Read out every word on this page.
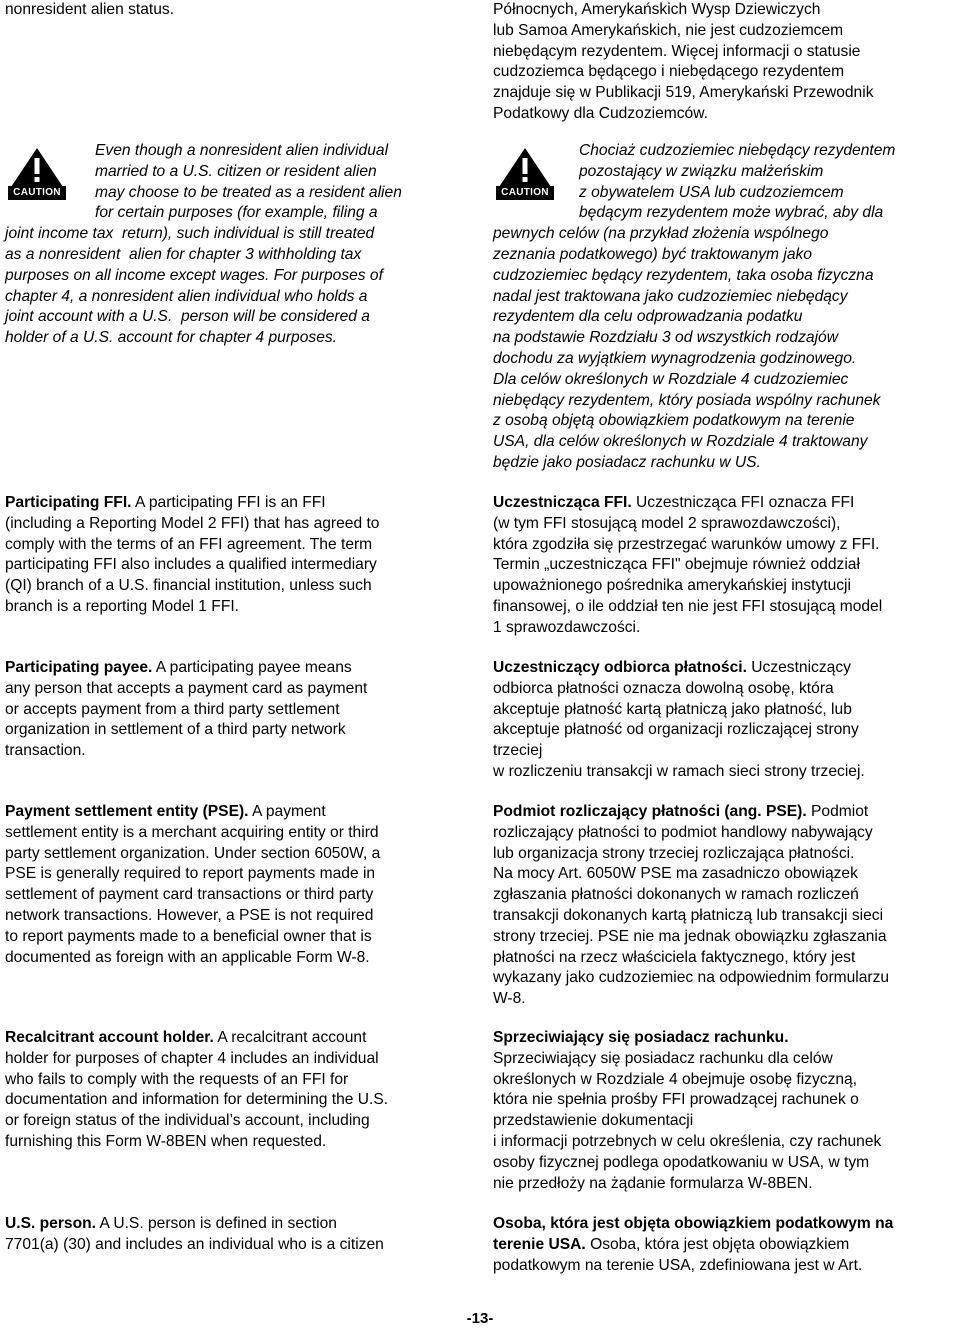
nonresident alien status.

CAUTION
Even though a nonresident alien individual
married to a U.S. citizen or resident alien
may choose to be treated as a resident alien
for certain purposes (for example, filing a
joint income tax  return), such individual is still treated
as a nonresident  alien for chapter 3 withholding tax
purposes on all income except wages. For purposes of
chapter 4, a nonresident alien individual who holds a
joint account with a U.S.  person will be considered a
holder of a U.S. account for chapter 4 purposes.

Participating FFI. A participating FFI is an FFI
(including a Reporting Model 2 FFI) that has agreed to
comply with the terms of an FFI agreement. The term
participating FFI also includes a qualified intermediary
(QI) branch of a U.S. financial institution, unless such
branch is a reporting Model 1 FFI.

Participating payee. A participating payee means
any person that accepts a payment card as payment
or accepts payment from a third party settlement
organization in settlement of a third party network
transaction.

Payment settlement entity (PSE). A payment
settlement entity is a merchant acquiring entity or third
party settlement organization. Under section 6050W, a
PSE is generally required to report payments made in
settlement of payment card transactions or third party
network transactions. However, a PSE is not required
to report payments made to a beneficial owner that is
documented as foreign with an applicable Form W-8.

Recalcitrant account holder. A recalcitrant account
holder for purposes of chapter 4 includes an individual
who fails to comply with the requests of an FFI for
documentation and information for determining the U.S.
or foreign status of the individual’s account, including
furnishing this Form W-8BEN when requested.

U.S. person. A U.S. person is defined in section
7701(a) (30) and includes an individual who is a citizen

Północnych, Amerykańskich Wysp Dziewiczych
lub Samoa Amerykańskich, nie jest cudzoziemcem
niebędącym rezydentem. Więcej informacji o statusie
cudzoziemca będącego i niebędącego rezydentem
znajduje się w Publikacji 519, Amerykański Przewodnik
Podatkowy dla Cudzoziemców.

CAUTION
Chociaż cudzoziemiec niebędący rezydentem
pozostający w związku małżeńskim
z obywatelem USA lub cudzoziemcem
będącym rezydentem może wybrać, aby dla
pewnych celów (na przykład złożenia wspólnego
zeznania podatkowego) być traktowanym jako
cudzoziemiec będący rezydentem, taka osoba fizyczna
nadal jest traktowana jako cudzoziemiec niebędący
rezydentem dla celu odprowadzania podatku
na podstawie Rozdziału 3 od wszystkich rodzajów
dochodu za wyjątkiem wynagrodzenia godzinowego.
Dla celów określonych w Rozdziale 4 cudzoziemiec
niebędący rezydentem, który posiada wspólny rachunek
z osobą objętą obowiązkiem podatkowym na terenie
USA, dla celów określonych w Rozdziale 4 traktowany
będzie jako posiadacz rachunku w US.

Uczestnicząca FFI. Uczestnicząca FFI oznacza FFI
(w tym FFI stosującą model 2 sprawozdawczości),
która zgodziła się przestrzegać warunków umowy z FFI.
Termin „uczestnicząca FFI" obejmuje również oddział
upoważnionego pośrednika amerykańskiej instytucji
finansowej, o ile oddział ten nie jest FFI stosującą model
1 sprawozdawczości.

Uczestniczący odbiorca płatności. Uczestniczący
odbiorca płatności oznacza dowolną osobę, która
akceptuje płatność kartą płatniczą jako płatność, lub
akceptuje płatność od organizacji rozliczającej strony
trzeciej
w rozliczeniu transakcji w ramach sieci strony trzeciej.

Podmiot rozliczający płatności (ang. PSE). Podmiot
rozliczający płatności to podmiot handlowy nabywający
lub organizacja strony trzeciej rozliczająca płatności.
Na mocy Art. 6050W PSE ma zasadniczo obowiązek
zgłaszania płatności dokonanych w ramach rozliczeń
transakcji dokonanych kartą płatniczą lub transakcji sieci
strony trzeciej. PSE nie ma jednak obowiązku zgłaszania
płatności na rzecz właściciela faktycznego, który jest
wykazany jako cudzoziemiec na odpowiednim formularzu
W-8.

Sprzeciwiający się posiadacz rachunku.
Sprzeciwiający się posiadacz rachunku dla celów
określonych w Rozdziale 4 obejmuje osobę fizyczną,
która nie spełnia prośby FFI prowadzącej rachunek o
przedstawienie dokumentacji
i informacji potrzebnych w celu określenia, czy rachunek
osoby fizycznej podlega opodatkowaniu w USA, w tym
nie przedłoży na żądanie formularza W-8BEN.

Osoba, która jest objęta obowiązkiem podatkowym na
terenie USA. Osoba, która jest objęta obowiązkiem
podatkowym na terenie USA, zdefiniowana jest w Art.

-13-
